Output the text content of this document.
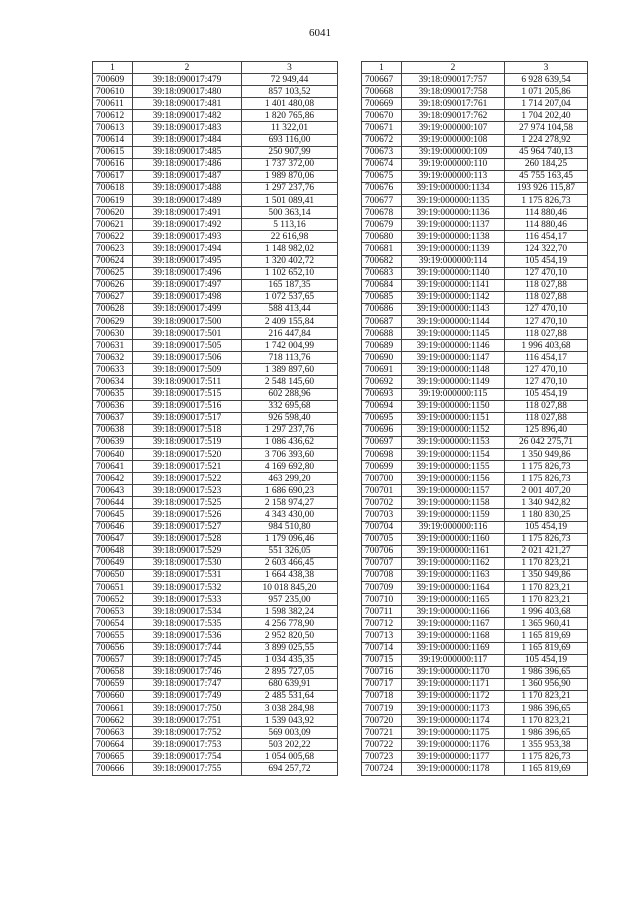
6041
1	2	3
700609	39:18:090017:479	72 949,44
700610	39:18:090017:480	857 103,52
700611	39:18:090017:481	1 401 480,08
700612	39:18:090017:482	1 820 765,86
700613	39:18:090017:483	11 322,01
700614	39:18:090017:484	693 116,00
700615	39:18:090017:485	250 907,99
700616	39:18:090017:486	1 737 372,00
700617	39:18:090017:487	1 989 870,06
700618	39:18:090017:488	1 297 237,76
700619	39:18:090017:489	1 501 089,41
700620	39:18:090017:491	500 363,14
700621	39:18:090017:492	5 113,16
700622	39:18:090017:493	22 616,98
700623	39:18:090017:494	1 148 982,02
700624	39:18:090017:495	1 320 402,72
700625	39:18:090017:496	1 102 652,10
700626	39:18:090017:497	165 187,35
700627	39:18:090017:498	1 072 537,65
700628	39:18:090017:499	588 413,44
700629	39:18:090017:500	2 409 155,84
700630	39:18:090017:501	216 447,84
700631	39:18:090017:505	1 742 004,99
700632	39:18:090017:506	718 113,76
700633	39:18:090017:509	1 389 897,60
700634	39:18:090017:511	2 548 145,60
700635	39:18:090017:515	602 288,96
700636	39:18:090017:516	332 695,68
700637	39:18:090017:517	926 598,40
700638	39:18:090017:518	1 297 237,76
700639	39:18:090017:519	1 086 436,62
700640	39:18:090017:520	3 706 393,60
700641	39:18:090017:521	4 169 692,80
700642	39:18:090017:522	463 299,20
700643	39:18:090017:523	1 686 690,23
700644	39:18:090017:525	2 158 974,27
700645	39:18:090017:526	4 343 430,00
700646	39:18:090017:527	984 510,80
700647	39:18:090017:528	1 179 096,46
700648	39:18:090017:529	551 326,05
700649	39:18:090017:530	2 603 466,45
700650	39:18:090017:531	1 664 438,38
700651	39:18:090017:532	10 018 845,20
700652	39:18:090017:533	957 235,00
700653	39:18:090017:534	1 598 382,24
700654	39:18:090017:535	4 256 778,90
700655	39:18:090017:536	2 952 820,50
700656	39:18:090017:744	3 899 025,55
700657	39:18:090017:745	1 034 435,35
700658	39:18:090017:746	2 895 727,05
700659	39:18:090017:747	680 639,91
700660	39:18:090017:749	2 485 531,64
700661	39:18:090017:750	3 038 284,98
700662	39:18:090017:751	1 539 043,92
700663	39:18:090017:752	569 003,09
700664	39:18:090017:753	503 202,22
700665	39:18:090017:754	1 054 005,68
700666	39:18:090017:755	694 257,72
1	2	3
700667	39:18:090017:757	6 928 639,54
700668	39:18:090017:758	1 071 205,86
700669	39:18:090017:761	1 714 207,04
700670	39:18:090017:762	1 704 202,40
700671	39:19:000000:107	27 974 104,58
700672	39:19:000000:108	1 224 278,92
700673	39:19:000000:109	45 964 740,13
700674	39:19:000000:110	260 184,25
700675	39:19:000000:113	45 755 163,45
700676	39:19:000000:1134	193 926 115,87
700677	39:19:000000:1135	1 175 826,73
700678	39:19:000000:1136	114 880,46
700679	39:19:000000:1137	114 880,46
700680	39:19:000000:1138	116 454,17
700681	39:19:000000:1139	124 322,70
700682	39:19:000000:114	105 454,19
700683	39:19:000000:1140	127 470,10
700684	39:19:000000:1141	118 027,88
700685	39:19:000000:1142	118 027,88
700686	39:19:000000:1143	127 470,10
700687	39:19:000000:1144	127 470,10
700688	39:19:000000:1145	118 027,88
700689	39:19:000000:1146	1 996 403,68
700690	39:19:000000:1147	116 454,17
700691	39:19:000000:1148	127 470,10
700692	39:19:000000:1149	127 470,10
700693	39:19:000000:115	105 454,19
700694	39:19:000000:1150	118 027,88
700695	39:19:000000:1151	118 027,88
700696	39:19:000000:1152	125 896,40
700697	39:19:000000:1153	26 042 275,71
700698	39:19:000000:1154	1 350 949,86
700699	39:19:000000:1155	1 175 826,73
700700	39:19:000000:1156	1 175 826,73
700701	39:19:000000:1157	2 001 407,20
700702	39:19:000000:1158	1 340 942,82
700703	39:19:000000:1159	1 180 830,25
700704	39:19:000000:116	105 454,19
700705	39:19:000000:1160	1 175 826,73
700706	39:19:000000:1161	2 021 421,27
700707	39:19:000000:1162	1 170 823,21
700708	39:19:000000:1163	1 350 949,86
700709	39:19:000000:1164	1 170 823,21
700710	39:19:000000:1165	1 170 823,21
700711	39:19:000000:1166	1 996 403,68
700712	39:19:000000:1167	1 365 960,41
700713	39:19:000000:1168	1 165 819,69
700714	39:19:000000:1169	1 165 819,69
700715	39:19:000000:117	105 454,19
700716	39:19:000000:1170	1 986 396,65
700717	39:19:000000:1171	1 360 956,90
700718	39:19:000000:1172	1 170 823,21
700719	39:19:000000:1173	1 986 396,65
700720	39:19:000000:1174	1 170 823,21
700721	39:19:000000:1175	1 986 396,65
700722	39:19:000000:1176	1 355 953,38
700723	39:19:000000:1177	1 175 826,73
700724	39:19:000000:1178	1 165 819,69
